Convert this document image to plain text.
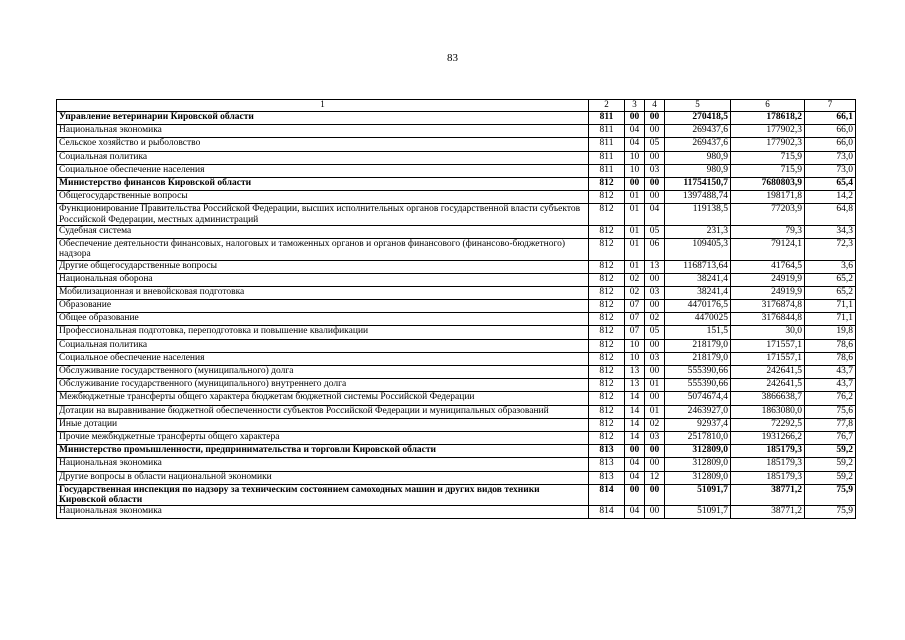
83
1	2	3	4	5	6	7
Управление ветеринарии Кировской области	811	00	00	270418,5	178618,2	66,1
Национальная экономика	811	04	00	269437,6	177902,3	66,0
Сельское хозяйство и рыболовство	811	04	05	269437,6	177902,3	66,0
Социальная политика	811	10	00	980,9	715,9	73,0
Социальное обеспечение населения	811	10	03	980,9	715,9	73,0
Министерство финансов Кировской области	812	00	00	11754150,7	7680803,9	65,4
Общегосударственные вопросы	812	01	00	1397488,74	198171,8	14,2
Функционирование Правительства Российской Федерации, высших исполнительных органов государственной власти субъектов Российской Федерации, местных администраций	812	01	04	119138,5	77203,9	64,8
Судебная система	812	01	05	231,3	79,3	34,3
Обеспечение деятельности финансовых, налоговых и таможенных органов и органов финансового (финансово-бюджетного) надзора	812	01	06	109405,3	79124,1	72,3
Другие общегосударственные вопросы	812	01	13	1168713,64	41764,5	3,6
Национальная оборона	812	02	00	38241,4	24919,9	65,2
Мобилизационная и вневойсковая подготовка	812	02	03	38241,4	24919,9	65,2
Образование	812	07	00	4470176,5	3176874,8	71,1
Общее образование	812	07	02	4470025	3176844,8	71,1
Профессиональная подготовка, переподготовка и повышение квалификации	812	07	05	151,5	30,0	19,8
Социальная политика	812	10	00	218179,0	171557,1	78,6
Социальное обеспечение населения	812	10	03	218179,0	171557,1	78,6
Обслуживание государственного (муниципального) долга	812	13	00	555390,66	242641,5	43,7
Обслуживание государственного (муниципального) внутреннего долга	812	13	01	555390,66	242641,5	43,7
Межбюджетные трансферты общего характера бюджетам бюджетной системы Российской Федерации	812	14	00	5074674,4	3866638,7	76,2
Дотации на выравнивание бюджетной обеспеченности субъектов Российской Федерации и муниципальных образований	812	14	01	2463927,0	1863080,0	75,6
Иные дотации	812	14	02	92937,4	72292,5	77,8
Прочие межбюджетные трансферты общего характера	812	14	03	2517810,0	1931266,2	76,7
Министерство промышленности, предпринимательства и торговли Кировской области	813	00	00	312809,0	185179,3	59,2
Национальная экономика	813	04	00	312809,0	185179,3	59,2
Другие вопросы в области национальной экономики	813	04	12	312809,0	185179,3	59,2
Государственная инспекция по надзору за техническим состоянием самоходных машин и других видов техники Кировской области	814	00	00	51091,7	38771,2	75,9
Национальная экономика	814	04	00	51091,7	38771,2	75,9
